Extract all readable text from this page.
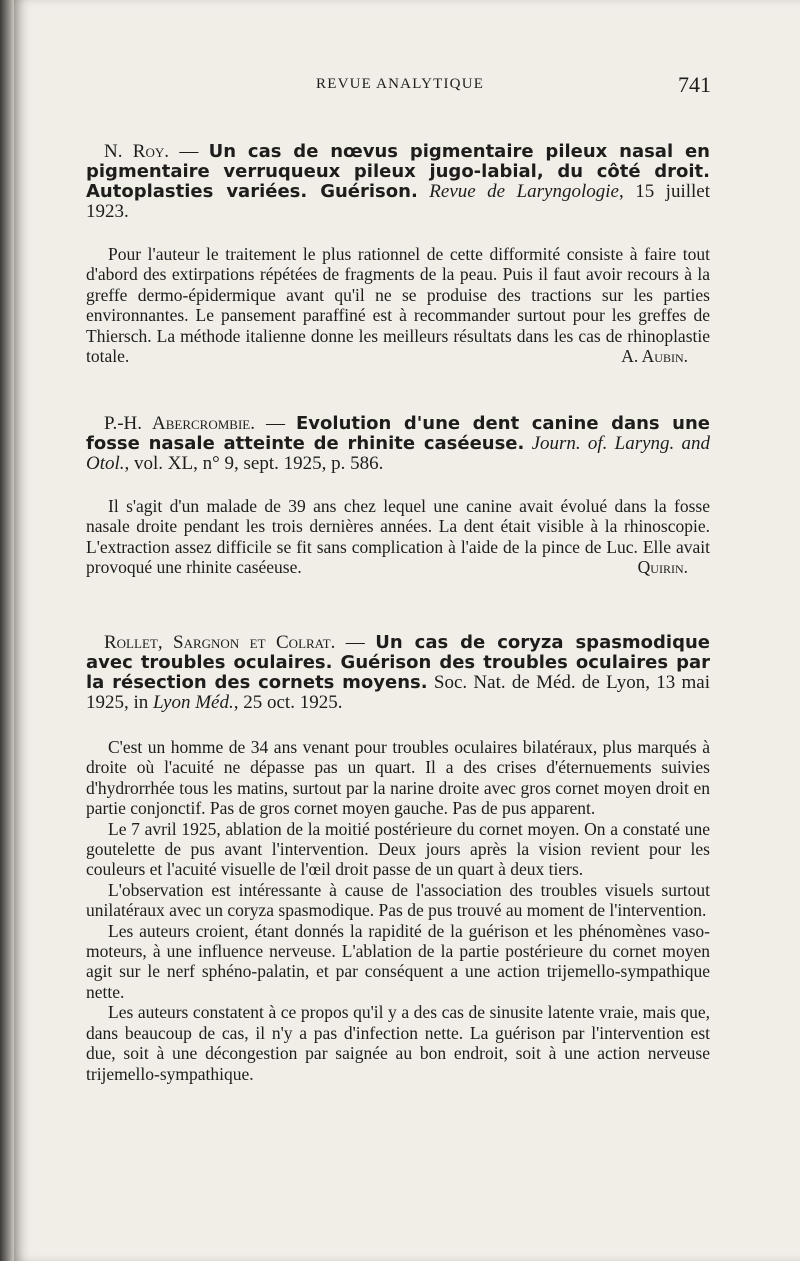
REVUE ANALYTIQUE	741

N. Roy. — Un cas de nœvus pigmentaire pileux nasal en pigmentaire verruqueux pileux jugo-labial, du côté droit. Autoplasties variées. Guérison. Revue de Laryngologie, 15 juillet 1923.

Pour l'auteur le traitement le plus rationnel de cette difformité consiste à faire tout d'abord des extirpations répétées de fragments de la peau. Puis il faut avoir recours à la greffe dermo-épidermique avant qu'il ne se produise des tractions sur les parties environnantes. Le pansement paraffiné est à recommander surtout pour les greffes de Thiersch. La méthode italienne donne les meilleurs résultats dans les cas de rhinoplastie totale.	A. Aubin.

P.-H. Abercrombie. — Evolution d'une dent canine dans une fosse nasale atteinte de rhinite caséeuse. Journ. of. Laryng. and Otol., vol. XL, n° 9, sept. 1925, p. 586.

Il s'agit d'un malade de 39 ans chez lequel une canine avait évolué dans la fosse nasale droite pendant les trois dernières années. La dent était visible à la rhinoscopie. L'extraction assez difficile se fit sans complication à l'aide de la pince de Luc. Elle avait provoqué une rhinite caséeuse.	Quirin.

Rollet, Sargnon et Colrat. — Un cas de coryza spasmodique avec troubles oculaires. Guérison des troubles oculaires par la résection des cornets moyens. Soc. Nat. de Méd. de Lyon, 13 mai 1925, in Lyon Méd., 25 oct. 1925.

C'est un homme de 34 ans venant pour troubles oculaires bilatéraux, plus marqués à droite où l'acuité ne dépasse pas un quart. Il a des crises d'éternuements suivies d'hydrorrhée tous les matins, surtout par la narine droite avec gros cornet moyen droit en partie conjonctif. Pas de gros cornet moyen gauche. Pas de pus apparent.

Le 7 avril 1925, ablation de la moitié postérieure du cornet moyen. On a constaté une goutelette de pus avant l'intervention. Deux jours après la vision revient pour les couleurs et l'acuité visuelle de l'œil droit passe de un quart à deux tiers.

L'observation est intéressante à cause de l'association des troubles visuels surtout unilatéraux avec un coryza spasmodique. Pas de pus trouvé au moment de l'intervention.

Les auteurs croient, étant donnés la rapidité de la guérison et les phénomènes vaso-moteurs, à une influence nerveuse. L'ablation de la partie postérieure du cornet moyen agit sur le nerf sphéno-palatin, et par conséquent a une action trijemello-sympathique nette.

Les auteurs constatent à ce propos qu'il y a des cas de sinusite latente vraie, mais que, dans beaucoup de cas, il n'y a pas d'infection nette. La guérison par l'intervention est due, soit à une décongestion par saignée au bon endroit, soit à une action nerveuse trijemello-sympathique.
